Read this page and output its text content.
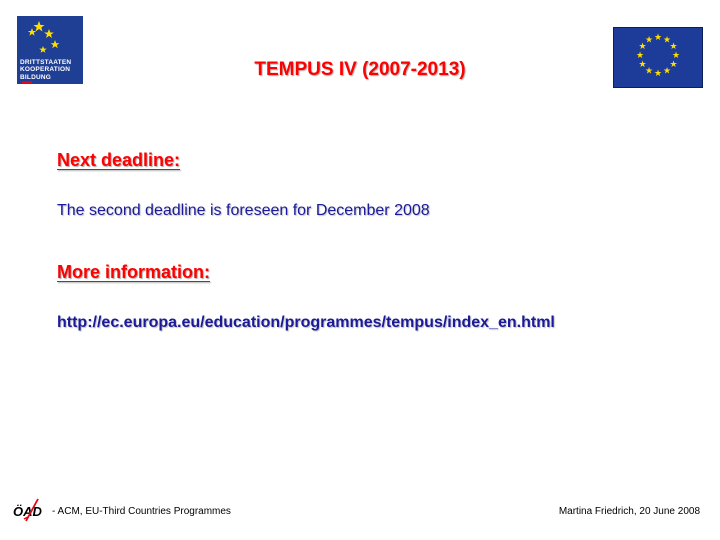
DRITTSTAATEN
KOOPERATION
BILDUNG	TEMPUS IV (2007-2013)
★ ★
★
★
★
★
★
★
★
★
★
★
Next deadline:
The second deadline is foreseen for December 2008
More information:
http://ec.europa.eu/education/programmes/tempus/index_en.html
ÖAD - ACM, EU-Third Countries Programmes	Martina Friedrich, 20 June 2008
